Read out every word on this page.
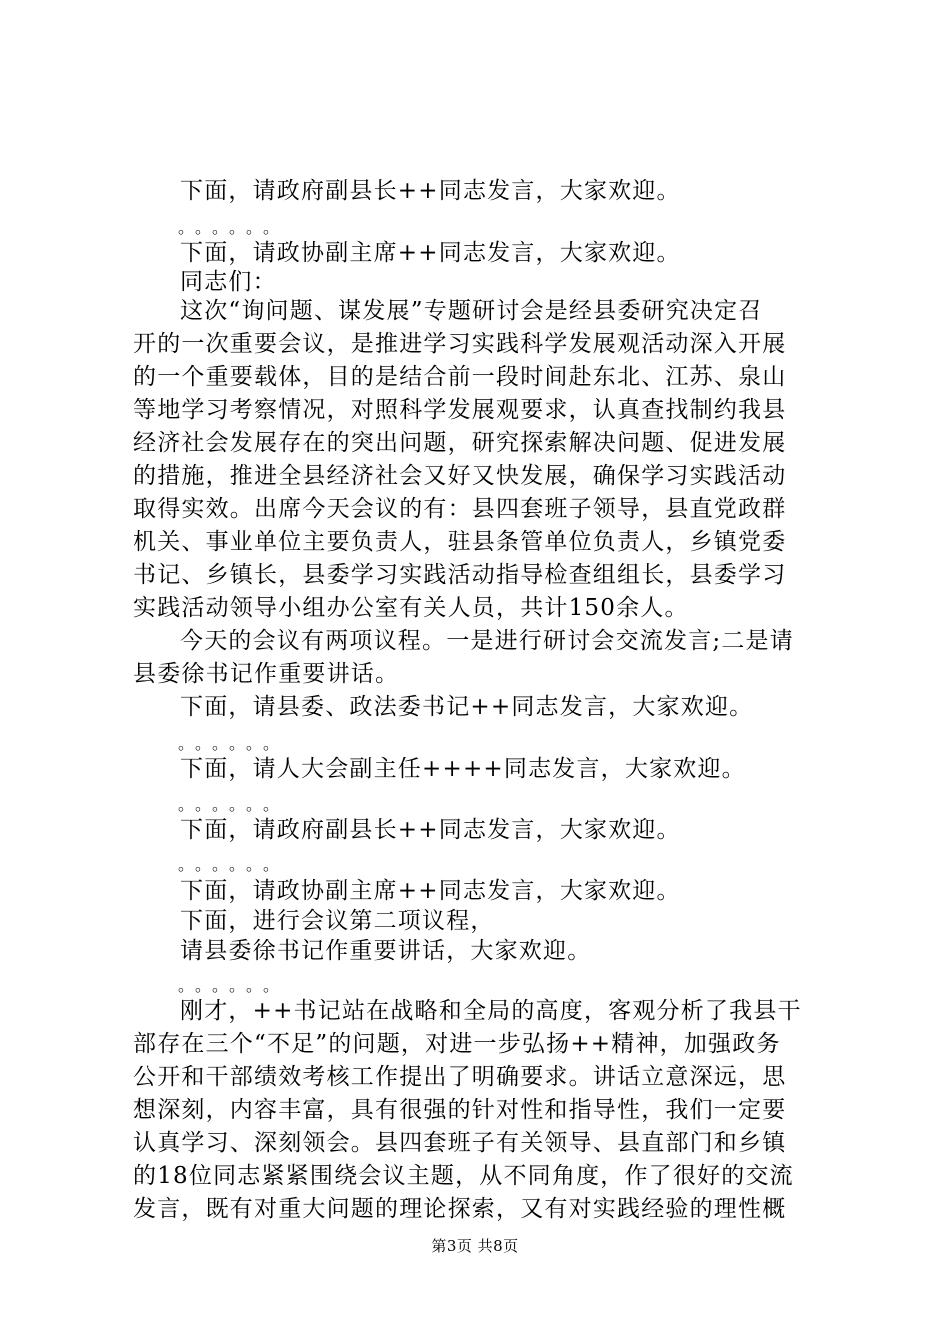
下面，请政府副县长++同志发言，大家欢迎。
。。。。。。
下面，请政协副主席++同志发言，大家欢迎。
同志们：
这次“询问题、谋发展”专题研讨会是经县委研究决定召
开的一次重要会议，是推进学习实践科学发展观活动深入开展
的一个重要载体，目的是结合前一段时间赴东北、江苏、泉山
等地学习考察情况，对照科学发展观要求，认真查找制约我县
经济社会发展存在的突出问题，研究探索解决问题、促进发展
的措施，推进全县经济社会又好又快发展，确保学习实践活动
取得实效。出席今天会议的有：县四套班子领导，县直党政群
机关、事业单位主要负责人，驻县条管单位负责人，乡镇党委
书记、乡镇长，县委学习实践活动指导检查组组长，县委学习
实践活动领导小组办公室有关人员，共计150余人。
今天的会议有两项议程。一是进行研讨会交流发言;二是请
县委徐书记作重要讲话。
下面，请县委、政法委书记++同志发言，大家欢迎。
。。。。。。
下面，请人大会副主任++++同志发言，大家欢迎。
。。。。。。
下面，请政府副县长++同志发言，大家欢迎。
。。。。。。
下面，请政协副主席++同志发言，大家欢迎。
下面，进行会议第二项议程，
请县委徐书记作重要讲话，大家欢迎。
。。。。。。
刚才，++书记站在战略和全局的高度，客观分析了我县干
部存在三个“不足”的问题，对进一步弘扬++精神，加强政务
公开和干部绩效考核工作提出了明确要求。讲话立意深远，思
想深刻，内容丰富，具有很强的针对性和指导性，我们一定要
认真学习、深刻领会。县四套班子有关领导、县直部门和乡镇
的18位同志紧紧围绕会议主题，从不同角度，作了很好的交流
发言，既有对重大问题的理论探索，又有对实践经验的理性概
第3页 共8页
